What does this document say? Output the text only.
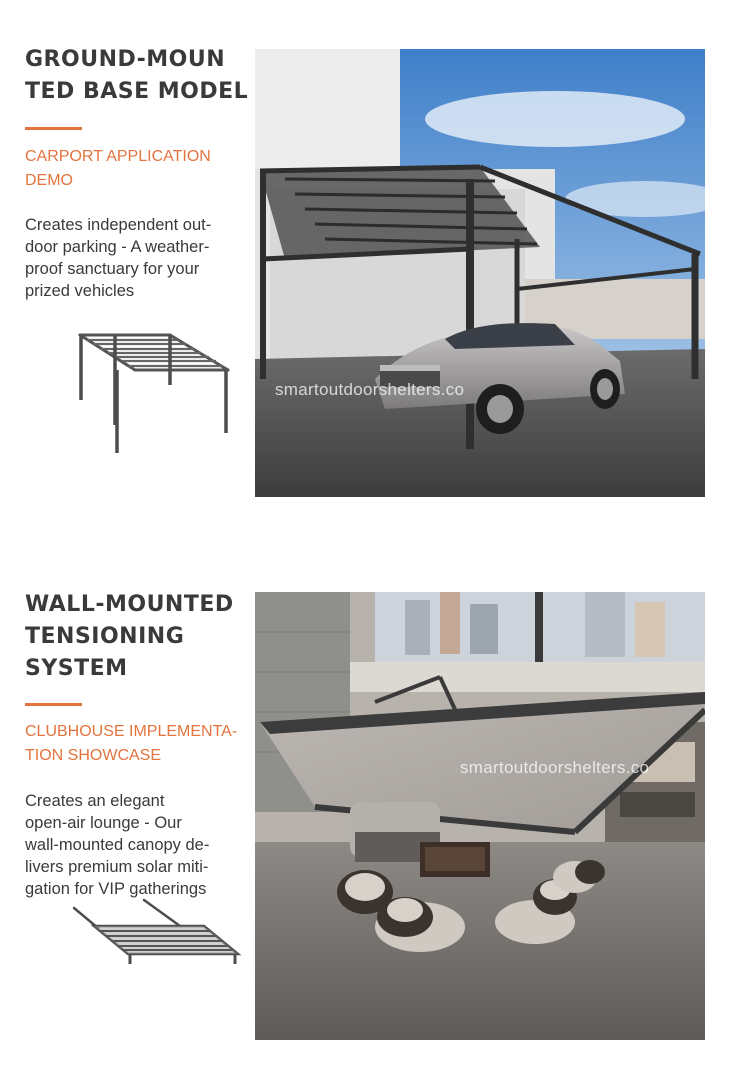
GROUND-MOUN
TED BASE MODEL

CARPORT APPLICATION
DEMO

Creates independent out-
door parking - A weather-
proof sanctuary for your
prized vehicles

smartoutdoorshelters.co
WALL-MOUNTED
TENSIONING
SYSTEM

CLUBHOUSE IMPLEMENTA-
TION SHOWCASE

Creates an elegant
open-air lounge - Our
wall-mounted canopy de-
livers premium solar miti-
gation for VIP gatherings

smartoutdoorshelters.co
